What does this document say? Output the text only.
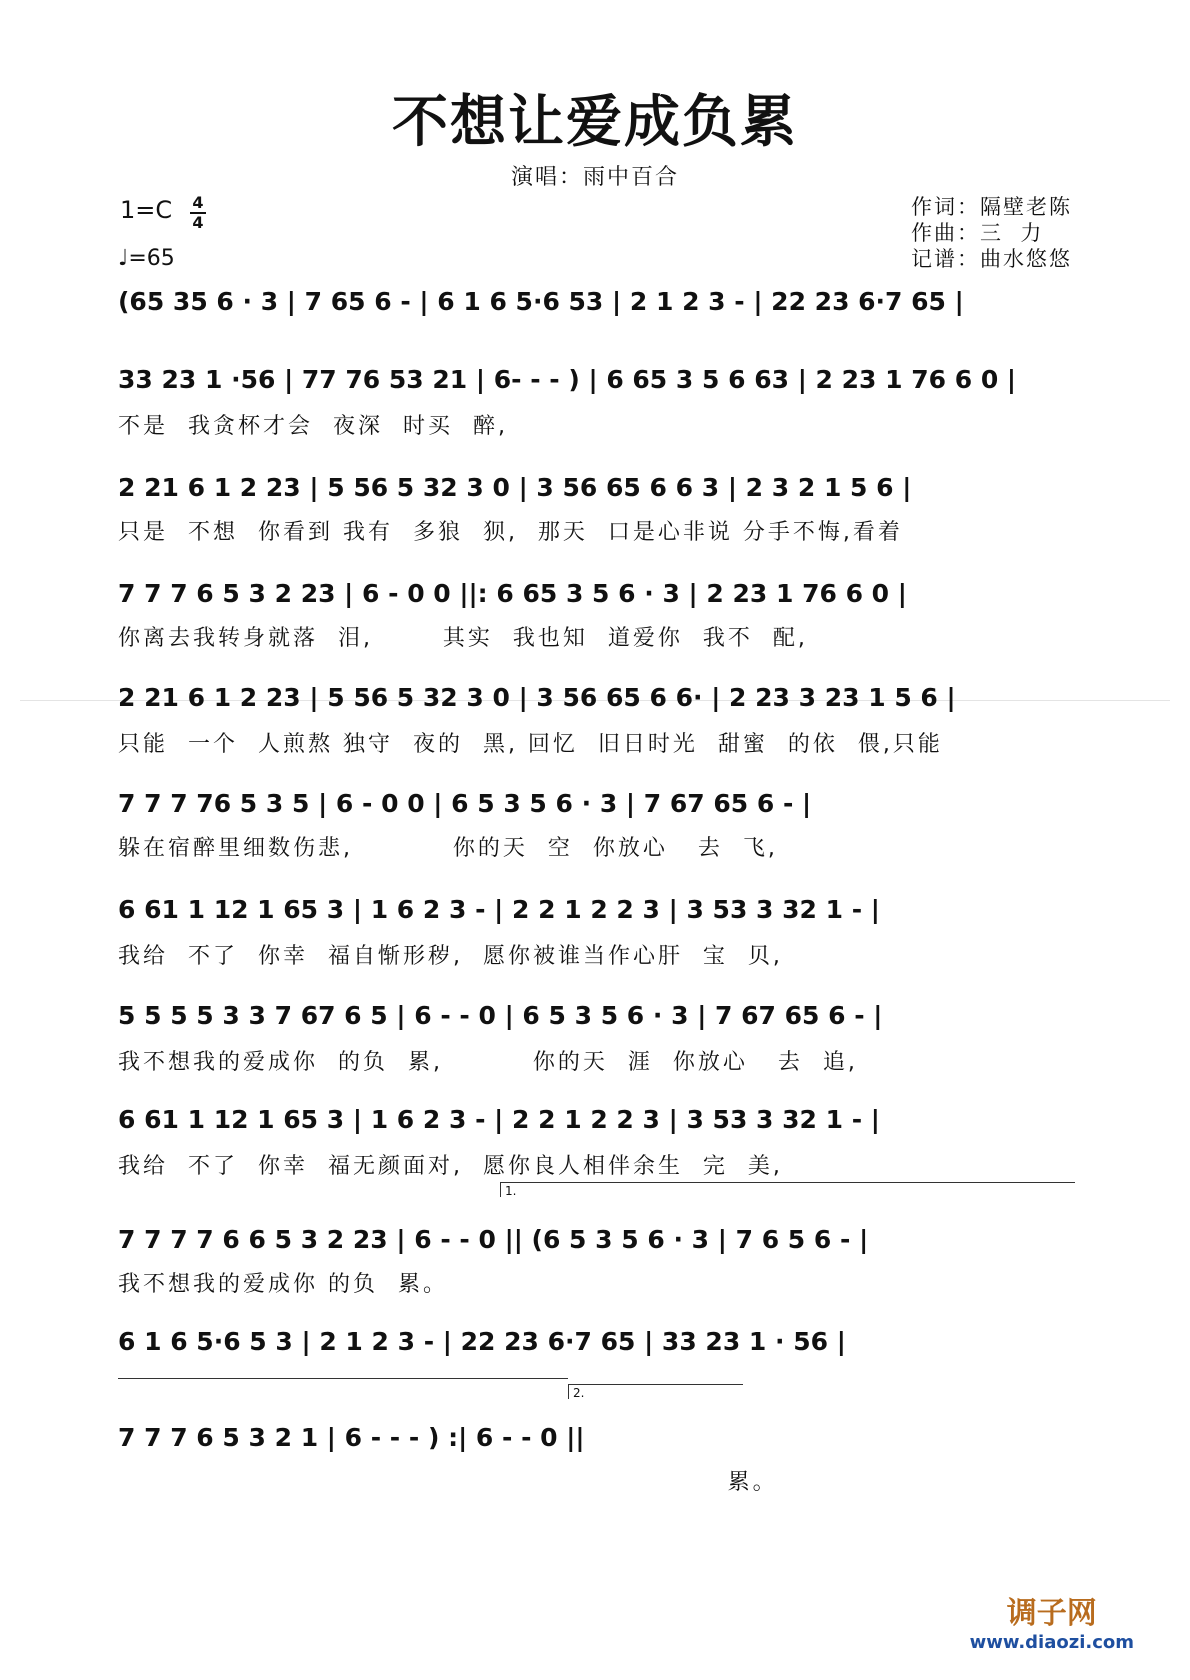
不想让爱成负累
演唱：雨中百合
1=C	4
4
♩=65
作词：隔壁老陈
作曲：三  力
记谱：曲水悠悠
(65 35 6 · 3 | 7 65 6 - | 6 1 6 5·6 53 | 2 1 2 3 - | 22 23 6·7 65 |
33 23 1 ·56 | 77 76 53 21 | 6- - - ) | 6 65 3 5 6 63 | 2 23 1 76 6 0 |
不是  我贪杯才会  夜深  时买  醉,
2 21 6 1 2 23 | 5 56 5 32 3 0 | 3 56 65 6 6 3 | 2 3 2 1 5 6 |
只是  不想  你看到 我有  多狼  狈,  那天  口是心非说 分手不悔,看着
7 7 7 6 5 3 2 23 | 6 - 0 0 ||: 6 65 3 5 6 · 3 | 2 23 1 76 6 0 |
你离去我转身就落  泪,       其实  我也知  道爱你  我不  配,
2 21 6 1 2 23 | 5 56 5 32 3 0 | 3 56 65 6 6· | 2 23 3 23 1 5 6 |
只能  一个  人煎熬 独守  夜的  黑, 回忆  旧日时光  甜蜜  的依  偎,只能
7 7 7 76 5 3 5 | 6 - 0 0 | 6 5 3 5 6 · 3 | 7 67 65 6 - |
躲在宿醉里细数伤悲,          你的天  空  你放心   去  飞,
6 61 1 12 1 65 3 | 1 6 2 3 - | 2 2 1 2 2 3 | 3 53 3 32 1 - |
我给  不了  你幸  福自惭形秽,  愿你被谁当作心肝  宝  贝,
5 5 5 5 3 3 7 67 6 5 | 6 - - 0 | 6 5 3 5 6 · 3 | 7 67 65 6 - |
我不想我的爱成你  的负  累,         你的天  涯  你放心   去  追,
6 61 1 12 1 65 3 | 1 6 2 3 - | 2 2 1 2 2 3 | 3 53 3 32 1 - |
我给  不了  你幸  福无颜面对,  愿你良人相伴余生  完  美,
1.
7 7 7 7 6 6 5 3 2 23 | 6 - - 0 || (6 5 3 5 6 · 3 | 7 6 5 6 - |
我不想我的爱成你 的负  累。
6 1 6 5·6 5 3 | 2 1 2 3 - | 22 23 6·7 65 | 33 23 1 · 56 |
2.
7 7 7 6 5 3 2 1 | 6 - - - ) :| 6 - - 0 ||
累。
调子网
www.diaozi.com
